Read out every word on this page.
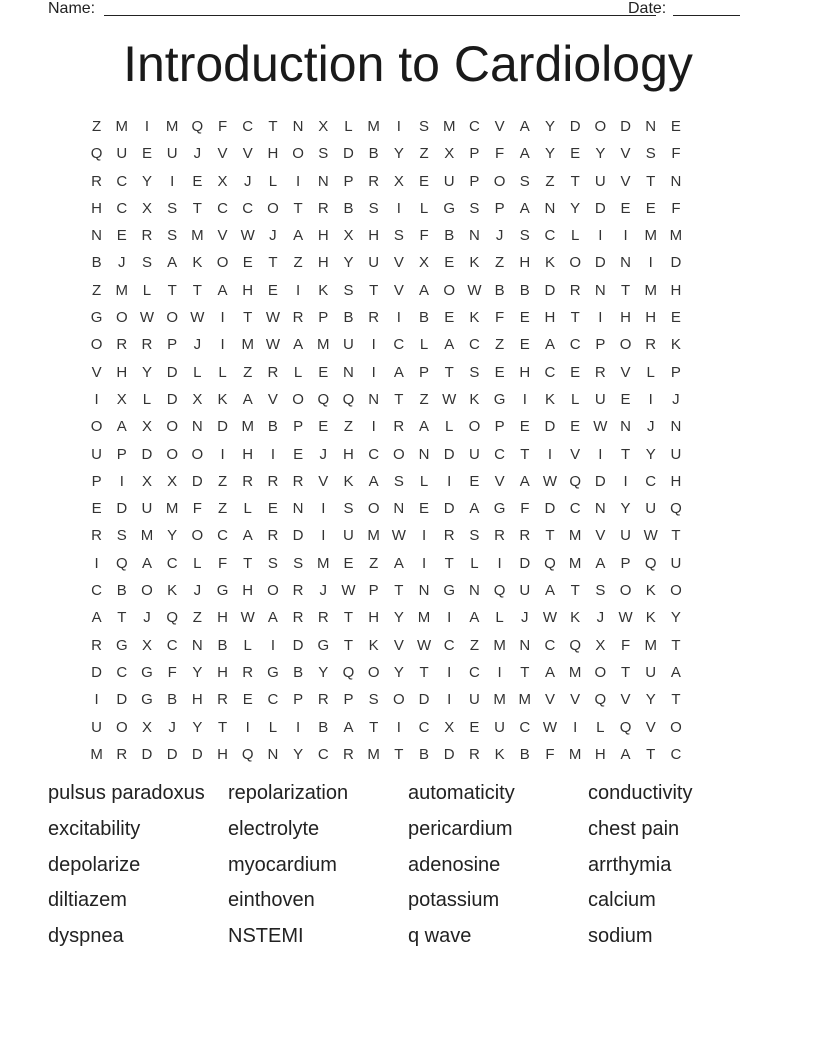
Name:	Date:
Introduction to Cardiology
Z M	I	M Q F	C	T	N X	L M	I	S M C V	A	Y D O D N E
Q U E U	J	V	V H O S D B	Y	Z	X	P	F	A	Y	E	Y	V	S	F
R C Y	I	E	X	J	L	I	N P R X	E U P O S	Z	T	U V	T	N
H C X	S	T	C C O T	R B	S	I	L	G S	P	A N Y D E	E	F
N E R S M V W J	A H X H S	F	B N	J	S C	L	I	I	M M
B	J	S	A	K O E	T	Z	H Y U V	X	E	K	Z	H K O D N	I	D
Z M L	T	T	A H E	I	K	S	T	V	A O W B	B D R N	T M H
G O W O W	I	T W R P	B R	I	B	E	K	F	E H	T	I	H H E
O R R P	J	I	M W A M U	I	C	L	A C	Z	E	A C P O R K
V H Y D	L	L	Z	R	L	E N	I	A	P	T	S	E H C E R V	L	P
I	X	L	D X	K	A	V O Q Q N	T	Z W K G	I	K	L	U E	I	J
O A	X O N D M B	P	E	Z	I	R A	L	O P	E D E W N	J	N
U P D O O	I	H	I	E	J	H C O N D U C	T	I	V	I	T	Y U
P	I	X	X D	Z	R R R V	K	A	S	L	I	E	V	A W Q D	I	C H
E D U M F	Z	L	E N	I	S O N E D A G F	D C N Y U Q
R S M Y O C A R D	I	U M W	I	R S R R	T M V U W T
I	Q A C	L	F	T	S	S M E	Z	A	I	T	L	I	D Q M A	P Q U
C B O K	J	G H O R	J W P	T	N G N Q U A	T	S O K O
A	T	J	Q Z	H W A R R	T	H Y M	I	A	L	J W K	J W K	Y
R G X C N B	L	I	D G T	K	V W C	Z M N C Q X	F M T
D C G F	Y H R G B	Y Q O Y	T	I	C	I	T	A M O T	U A
I	D G B H R E C P R P	S O D	I	U M M V	V Q V	Y	T
U O X	J	Y	T	I	L	I	B	A	T	I	C X	E U C W	I	L	Q V O
M R D D D H Q N Y C R M T	B D R K	B	F M H A	T	C
pulsus paradoxus	repolarization	automaticity	conductivity
excitability	electrolyte	pericardium	chest pain
depolarize	myocardium	adenosine	arrthymia
diltiazem	einthoven	potassium	calcium
dyspnea	NSTEMI	q wave	sodium
